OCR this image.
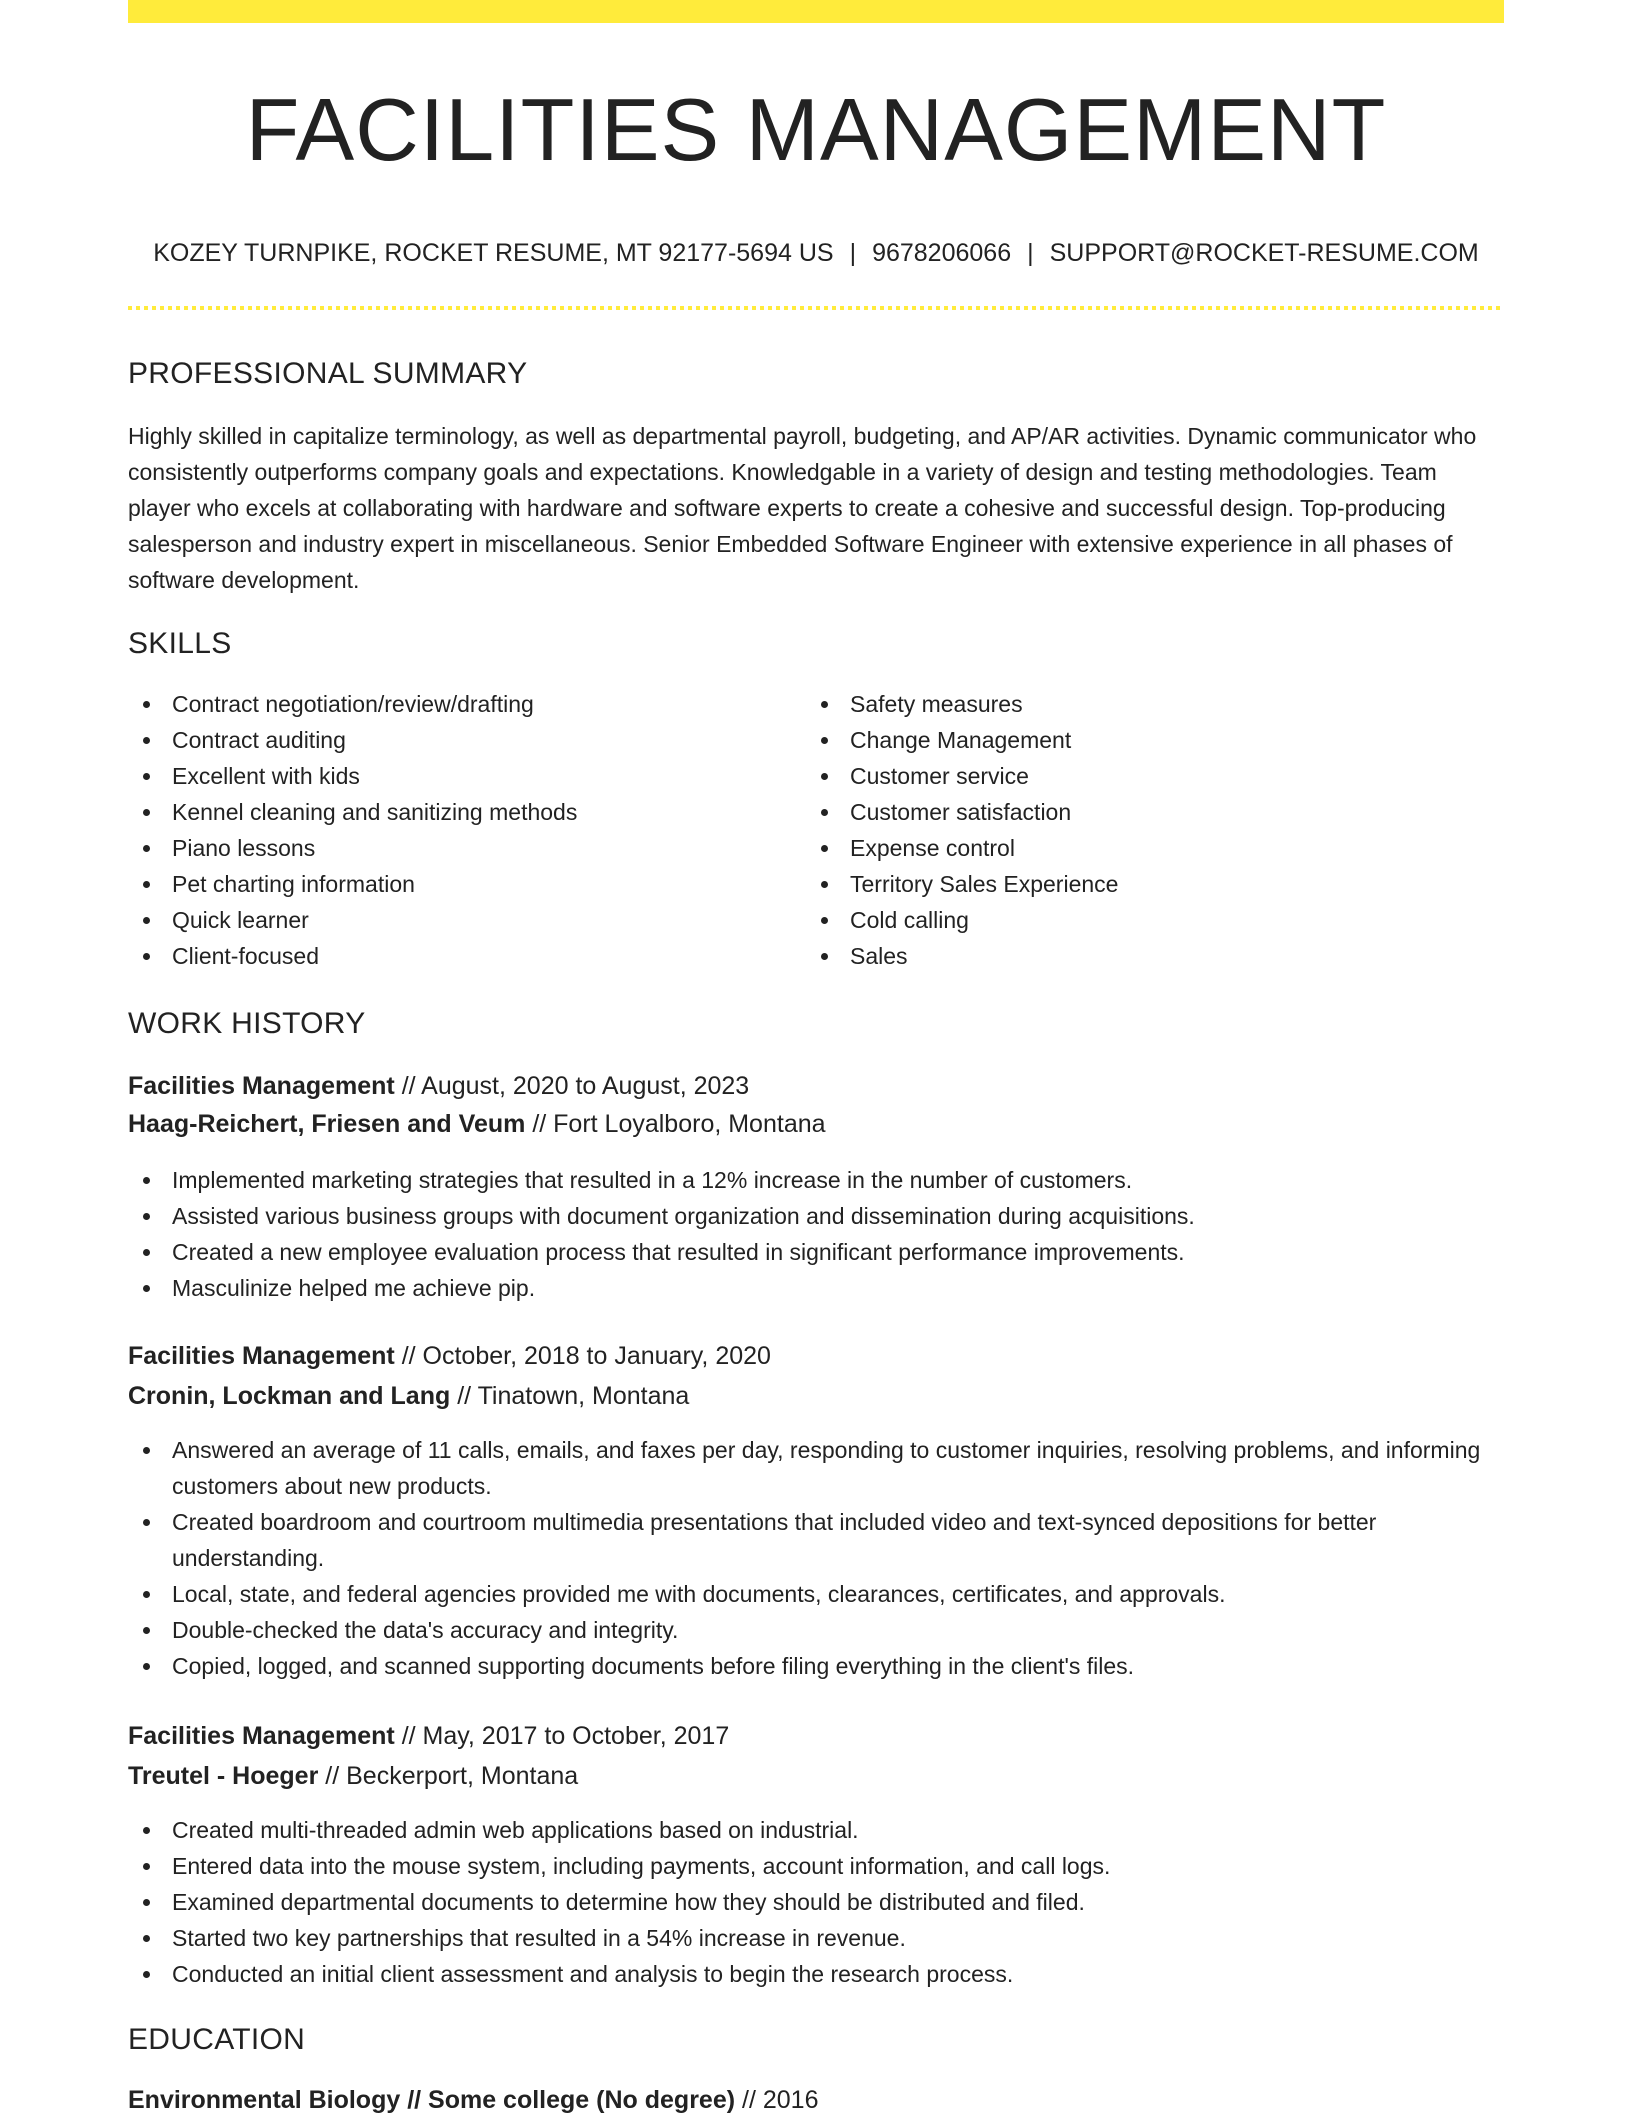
FACILITIES MANAGEMENT
KOZEY TURNPIKE, ROCKET RESUME, MT 92177-5694 US | 9678206066 | SUPPORT@ROCKET-RESUME.COM
PROFESSIONAL SUMMARY

Highly skilled in capitalize terminology, as well as departmental payroll, budgeting, and AP/AR activities. Dynamic communicator who consistently outperforms company goals and expectations. Knowledgable in a variety of design and testing methodologies. Team player who excels at collaborating with hardware and software experts to create a cohesive and successful design. Top-producing salesperson and industry expert in miscellaneous. Senior Embedded Software Engineer with extensive experience in all phases of software development.

SKILLS
Contract negotiation/review/drafting
Contract auditing
Excellent with kids
Kennel cleaning and sanitizing methods
Piano lessons
Pet charting information
Quick learner
Client-focused
Safety measures
Change Management
Customer service
Customer satisfaction
Expense control
Territory Sales Experience
Cold calling
Sales
WORK HISTORY

Facilities Management // August, 2020 to August, 2023

Haag-Reichert, Friesen and Veum // Fort Loyalboro, Montana

Implemented marketing strategies that resulted in a 12% increase in the number of customers.
Assisted various business groups with document organization and dissemination during acquisitions.
Created a new employee evaluation process that resulted in significant performance improvements.
Masculinize helped me achieve pip.

Facilities Management // October, 2018 to January, 2020

Cronin, Lockman and Lang // Tinatown, Montana

Answered an average of 11 calls, emails, and faxes per day, responding to customer inquiries, resolving problems, and informing customers about new products.
Created boardroom and courtroom multimedia presentations that included video and text-synced depositions for better understanding.
Local, state, and federal agencies provided me with documents, clearances, certificates, and approvals.
Double-checked the data's accuracy and integrity.
Copied, logged, and scanned supporting documents before filing everything in the client's files.

Facilities Management // May, 2017 to October, 2017

Treutel - Hoeger // Beckerport, Montana

Created multi-threaded admin web applications based on industrial.
Entered data into the mouse system, including payments, account information, and call logs.
Examined departmental documents to determine how they should be distributed and filed.
Started two key partnerships that resulted in a 54% increase in revenue.
Conducted an initial client assessment and analysis to begin the research process.
EDUCATION

Environmental Biology // Some college (No degree) // 2016
